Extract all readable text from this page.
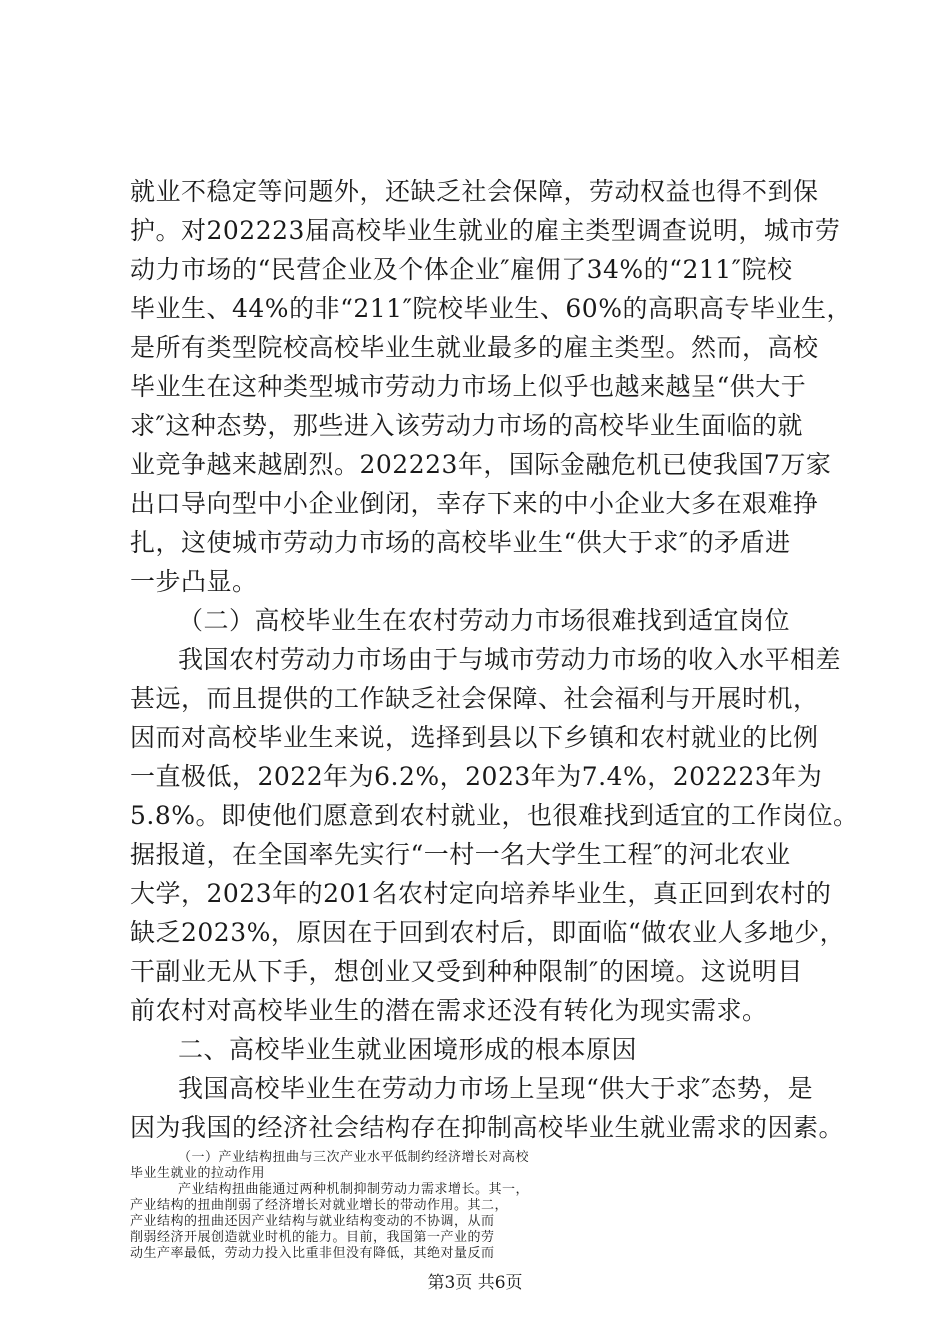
就业不稳定等问题外，还缺乏社会保障，劳动权益也得不到保
护。对202223届高校毕业生就业的雇主类型调查说明，城市劳
动力市场的“民营企业及个体企业″雇佣了34%的“211″院校
毕业生、44%的非“211″院校毕业生、60%的高职高专毕业生，
是所有类型院校高校毕业生就业最多的雇主类型。然而，高校
毕业生在这种类型城市劳动力市场上似乎也越来越呈“供大于
求″这种态势，那些进入该劳动力市场的高校毕业生面临的就
业竞争越来越剧烈。202223年，国际金融危机已使我国7万家
出口导向型中小企业倒闭，幸存下来的中小企业大多在艰难挣
扎，这使城市劳动力市场的高校毕业生“供大于求″的矛盾进
一步凸显。
（二）高校毕业生在农村劳动力市场很难找到适宜岗位
我国农村劳动力市场由于与城市劳动力市场的收入水平相差
甚远，而且提供的工作缺乏社会保障、社会福利与开展时机，
因而对高校毕业生来说，选择到县以下乡镇和农村就业的比例
一直极低，2022年为6.2%，2023年为7.4%，202223年为
5.8%。即使他们愿意到农村就业，也很难找到适宜的工作岗位。
据报道，在全国率先实行“一村一名大学生工程″的河北农业
大学，2023年的201名农村定向培养毕业生，真正回到农村的
缺乏2023%，原因在于回到农村后，即面临“做农业人多地少，
干副业无从下手，想创业又受到种种限制″的困境。这说明目
前农村对高校毕业生的潜在需求还没有转化为现实需求。
二、高校毕业生就业困境形成的根本原因
我国高校毕业生在劳动力市场上呈现“供大于求″态势，是
因为我国的经济社会结构存在抑制高校毕业生就业需求的因素。
（一）产业结构扭曲与三次产业水平低制约经济增长对高校
毕业生就业的拉动作用
产业结构扭曲能通过两种机制抑制劳动力需求增长。其一，
产业结构的扭曲削弱了经济增长对就业增长的带动作用。其二，
产业结构的扭曲还因产业结构与就业结构变动的不协调，从而
削弱经济开展创造就业时机的能力。目前，我国第一产业的劳
动生产率最低，劳动力投入比重非但没有降低，其绝对量反而
第3页 共6页
